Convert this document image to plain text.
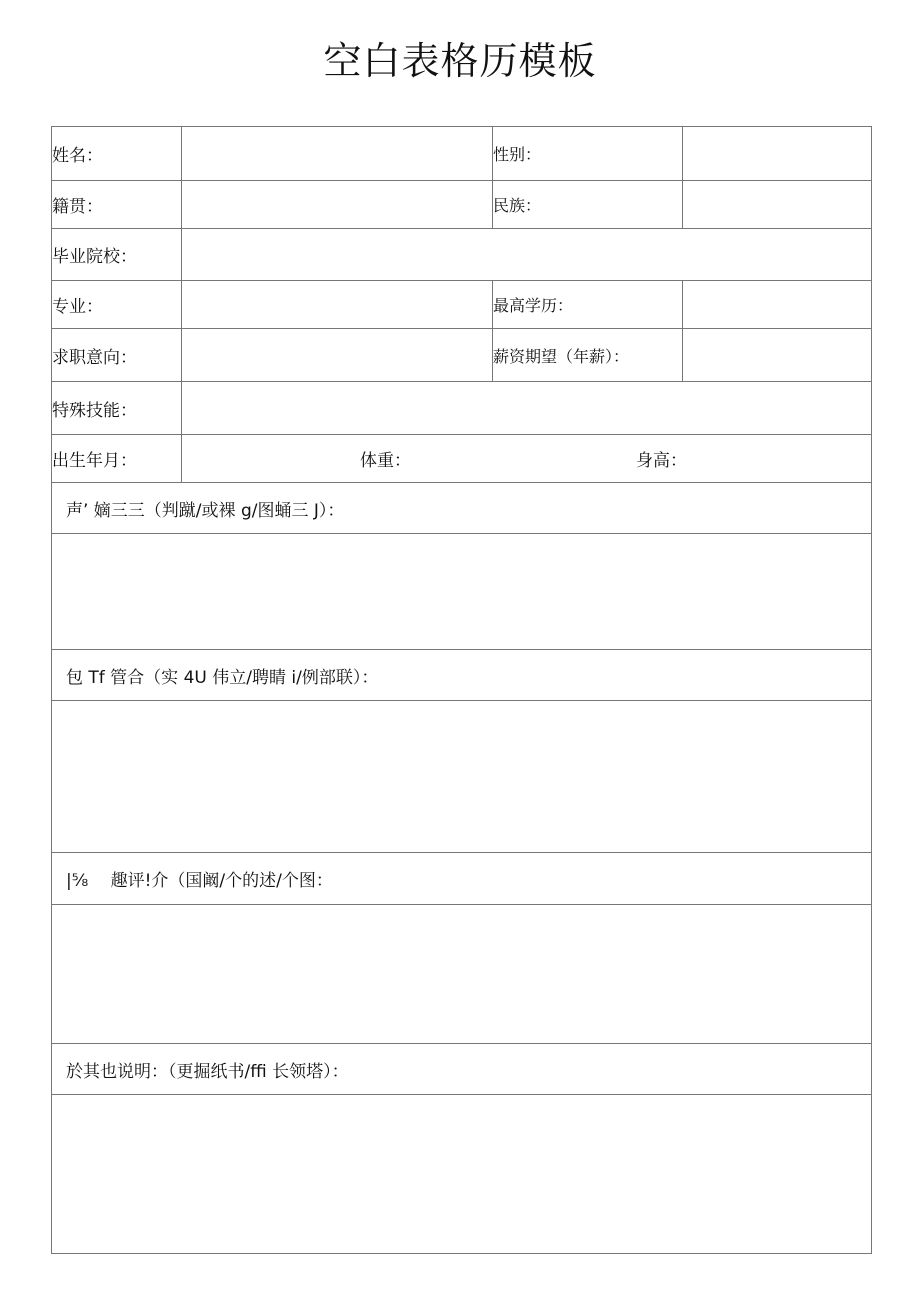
空白表格历模板
姓名：	性别：
籍贯：	民族：
毕业院校：
专业：	最高学历：
求职意向：	薪资期望（年薪）：
特殊技能：
出生年月：	体重：	身高：
声’ 嫡三三（判蹴/或裸 g/图蛹三 J）：
包 Tf 管合（实 4U 伟立/聘睛 i/例部联）：
|⅝　 趣评!介（国阚/个的述/个图：
於其也说明：（更掘纸书/ffi 长领塔）：
